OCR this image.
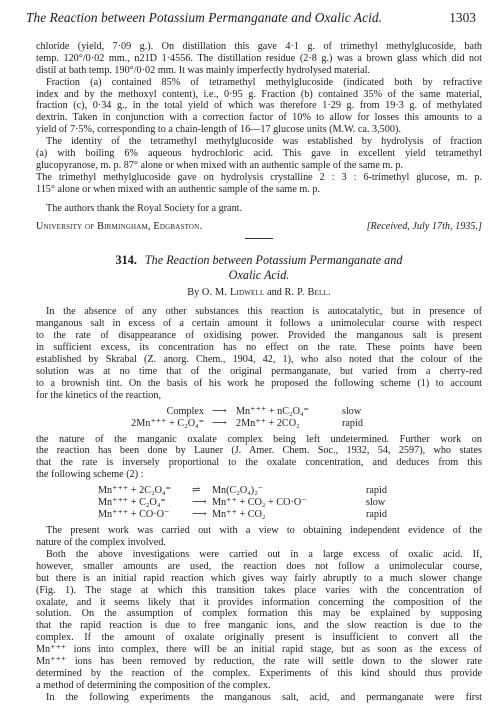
The Reaction between Potassium Permanganate and Oxalic Acid.	1303
chloride (yield, 7·09 g.). On distillation this gave 4·1 g. of trimethyl methylglucoside, bath
temp. 120°/0·02 mm., n21D 1·4556. The distillation residue (2·8 g.) was a brown glass which did not
distil at bath temp. 190°/0·02 mm. It was mainly imperfectly hydrolysed material.
Fraction (a) contained 85% of tetramethyl methylglucoside (indicated both by refractive
index and by the methoxyl content), i.e., 0·95 g. Fraction (b) contained 35% of the same material,
fraction (c), 0·34 g., in the total yield of which was therefore 1·29 g. from 19·3 g. of methylated
dextrin. Taken in conjunction with a correction factor of 10% to allow for losses this amounts to a
yield of 7·5%, corresponding to a chain-length of 16—17 glucose units (M.W. ca. 3,500).
The identity of the tetramethyl methylglucoside was established by hydrolysis of fraction
(a) with boiling 6% aqueous hydrochloric acid. This gave in excellent yield tetramethyl
glucopyranose, m. p. 87° alone or when mixed with an authentic sample of the same m. p.
The trimethyl methylglucoside gave on hydrolysis crystalline 2 : 3 : 6-trimethyl glucose, m. p.
115° alone or when mixed with an authentic sample of the same m. p.
The authors thank the Royal Society for a grant.
University of Birmingham, Edgbaston.	[Received, July 17th, 1935.]
314. The Reaction between Potassium Permanganate and
Oxalic Acid.
By O. M. Lidwell and R. P. Bell.
In the absence of any other substances this reaction is autocatalytic, but in presence of
manganous salt in excess of a certain amount it follows a unimolecular course with respect
to the rate of disappearance of oxidising power. Provided the manganous salt is present
in sufficient excess, its concentration has no effect on the rate. These points have been
established by Skrabal (Z. anorg. Chem., 1904, 42, 1), who also noted that the colour of the
solution was at no time that of the original permanganate, but varied from a cherry-red
to a brownish tint. On the basis of his work he proposed the following scheme (1) to account
for the kinetics of the reaction,
Complex ⟶ Mn⁺⁺⁺ + nC₂O₄⁼	slow
2Mn⁺⁺⁺ + C₂O₄⁼ ⟶ 2Mn⁺⁺ + 2CO₂	rapid
the nature of the manganic oxalate complex being left undetermined. Further work on
the reaction has been done by Launer (J. Amer. Chem. Soc., 1932, 54, 2597), who states
that the rate is inversely proportional to the oxalate concentration, and deduces from this
the following scheme (2) :
Mn⁺⁺⁺ + 2C₂O₄⁼ ⇌ Mn(C₂O₄)₂⁻	rapid
Mn⁺⁺⁺ + C₂O₄⁼	⟶ Mn⁺⁺ + CO₂ + CO·O⁻	slow
Mn⁺⁺⁺ + CO·O⁻ ⟶ Mn⁺⁺ + CO₂	rapid
The present work was carried out with a view to obtaining independent evidence of the
nature of the complex involved.
Both the above investigations were carried out in a large excess of oxalic acid. If,
however, smaller amounts are used, the reaction does not follow a unimolecular course,
but there is an initial rapid reaction which gives way fairly abruptly to a much slower change
(Fig. 1). The stage at which this transition takes place varies with the concentration of
oxalate, and it seems likely that it provides information concerning the composition of the
solution. On the assumption of complex formation this may be explained by supposing
that the rapid reaction is due to free manganic ions, and the slow reaction is due to the
complex. If the amount of oxalate originally present is insufficient to convert all the
Mn⁺⁺⁺ ions into complex, there will be an initial rapid stage, but as soon as the excess of
Mn⁺⁺⁺ ions has been removed by reduction, the rate will settle down to the slower rate
determined by the reaction of the complex. Experiments of this kind should thus provide
a method of determining the composition of the complex.
In the following experiments the manganous salt, acid, and permanganate were first
